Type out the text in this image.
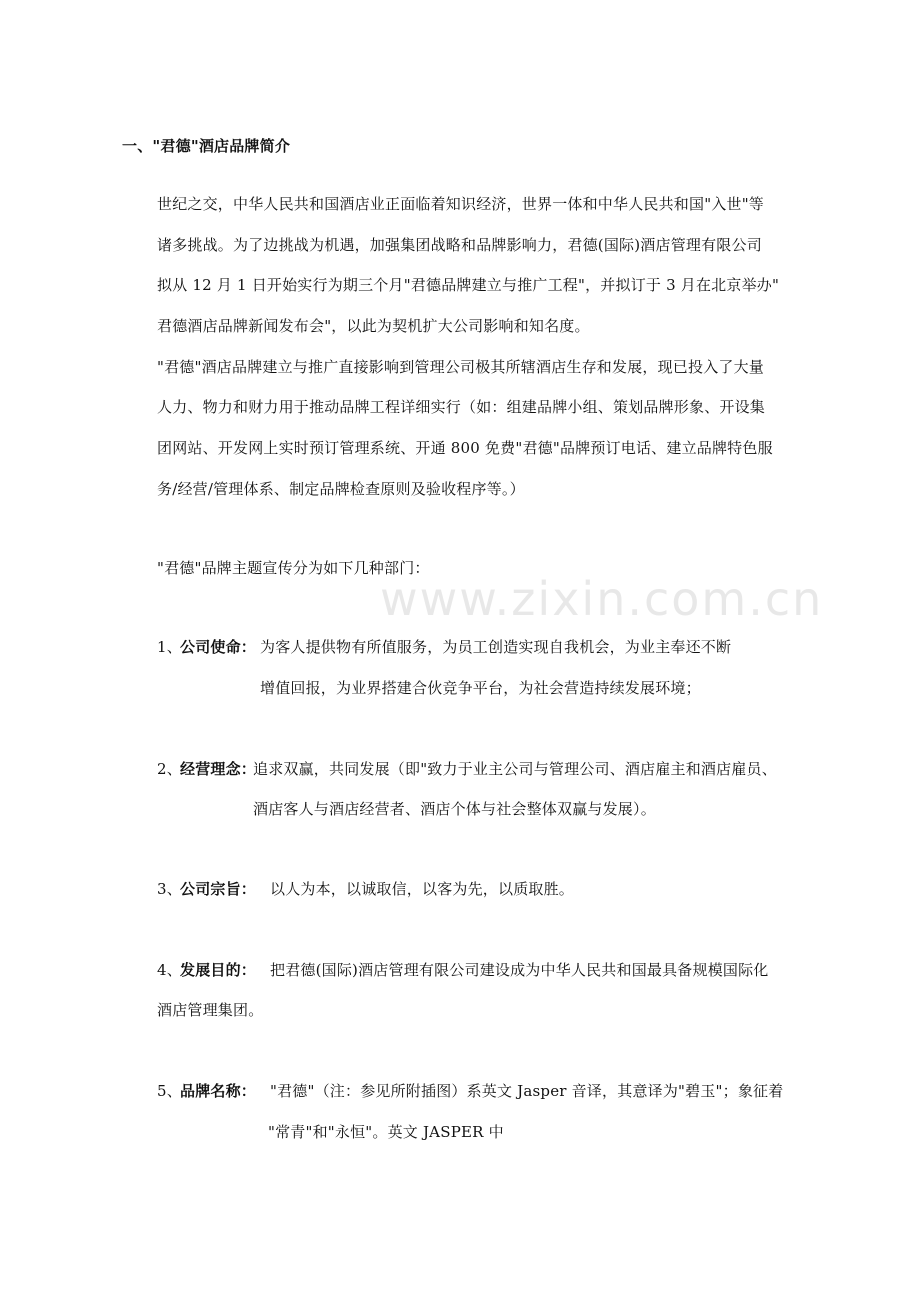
www.zixin.com.cn
一、"君德"酒店品牌简介
世纪之交，中华人民共和国酒店业正面临着知识经济，世界一体和中华人民共和国"入世"等
诸多挑战。为了边挑战为机遇，加强集团战略和品牌影响力，君德(国际)酒店管理有限公司
拟从 12 月 1 日开始实行为期三个月"君德品牌建立与推广工程"，并拟订于 3 月在北京举办"
君德酒店品牌新闻发布会"，以此为契机扩大公司影响和知名度。
"君德"酒店品牌建立与推广直接影响到管理公司极其所辖酒店生存和发展，现已投入了大量
人力、物力和财力用于推动品牌工程详细实行（如：组建品牌小组、策划品牌形象、开设集
团网站、开发网上实时预订管理系统、开通 800 免费"君德"品牌预订电话、建立品牌特色服
务/经营/管理体系、制定品牌检查原则及验收程序等。）
"君德"品牌主题宣传分为如下几种部门：
1、
公司使命： 为客人提供物有所值服务，为员工创造实现自我机会，为业主奉还不断
增值回报，为业界搭建合伙竞争平台，为社会营造持续发展环境；
2、
经营理念：
追求双赢，共同发展（即"致力于业主公司与管理公司、酒店雇主和酒店雇员、
酒店客人与酒店经营者、酒店个体与社会整体双赢与发展）。
3、
公司宗旨： 以人为本，以诚取信，以客为先，以质取胜。
4、
发展目的： 把君德(国际)酒店管理有限公司建设成为中华人民共和国最具备规模国际化
酒店管理集团。
5、
品牌名称： "君德"（注：参见所附插图）系英文 Jasper 音译，其意译为"碧玉"；象征着
"常青"和"永恒"。英文 JASPER 中
